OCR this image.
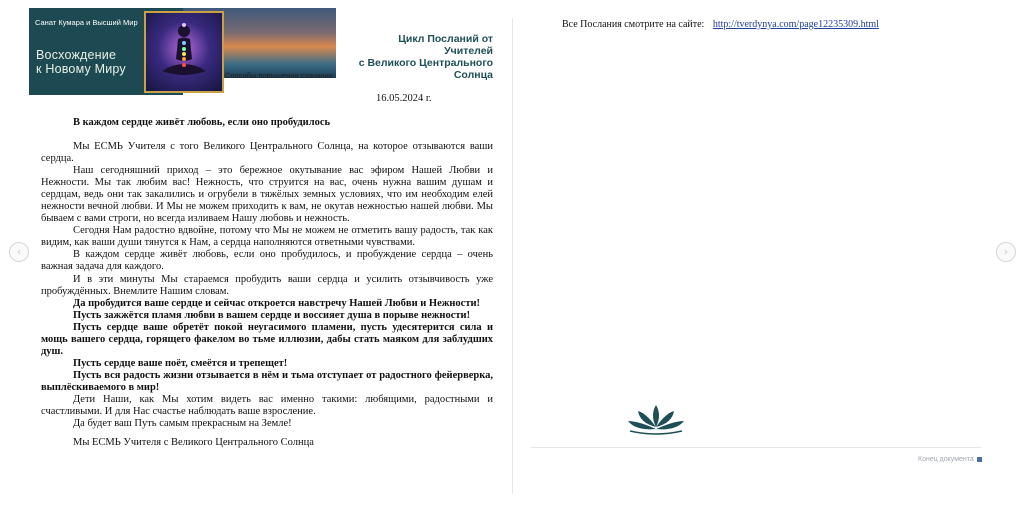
‹	›
Санат Кумара и Высший Мир
Восхождение
к Новому Миру	Способы повышения сознания
Цикл Посланий от
Учителей
с Великого Центрального
Солнца
16.05.2024 г.
В каждом сердце живёт любовь, если оно пробудилось

Мы ЕСМЬ Учителя с того Великого Центрального Солнца, на которое отзываются ваши сердца.

Наш сегодняшний приход – это бережное окутывание вас эфиром Нашей Любви и Нежности. Мы так любим вас! Нежность, что струится на вас, очень нужна вашим душам и сердцам, ведь они так закалились и огрубели в тяжёлых земных условиях, что им необходим елей нежности вечной любви. И Мы не можем приходить к вам, не окутав нежностью нашей любви. Мы бываем с вами строги, но всегда изливаем Нашу любовь и нежность.

Сегодня Нам радостно вдвойне, потому что Мы не можем не отметить вашу радость, так как видим, как ваши души тянутся к Нам, а сердца наполняются ответными чувствами.

В каждом сердце живёт любовь, если оно пробудилось, и пробуждение сердца – очень важная задача для каждого.

И в эти минуты Мы стараемся пробудить ваши сердца и усилить отзывчивость уже пробуждённых. Внемлите Нашим словам.

Да пробудится ваше сердце и сейчас откроется навстречу Нашей Любви и Нежности!

Пусть зажжётся пламя любви в вашем сердце и воссияет душа в порыве нежности!

Пусть сердце ваше обретёт покой неугасимого пламени, пусть удесятерится сила и мощь вашего сердца, горящего факелом во тьме иллюзии, дабы стать маяком для заблудших душ.

Пусть сердце ваше поёт, смеётся и трепещет!

Пусть вся радость жизни отзывается в нём и тьма отступает от радостного фейерверка, выплёскиваемого в мир!

Дети Наши, как Мы хотим видеть вас именно такими: любящими, радостными и счастливыми. И для Нас счастье наблюдать ваше взросление.

Да будет ваш Путь самым прекрасным на Земле!

Мы ЕСМЬ Учителя с Великого Центрального Солнца
Все Послания смотрите на сайте: http://tverdynya.com/page12235309.html
Конец документа
